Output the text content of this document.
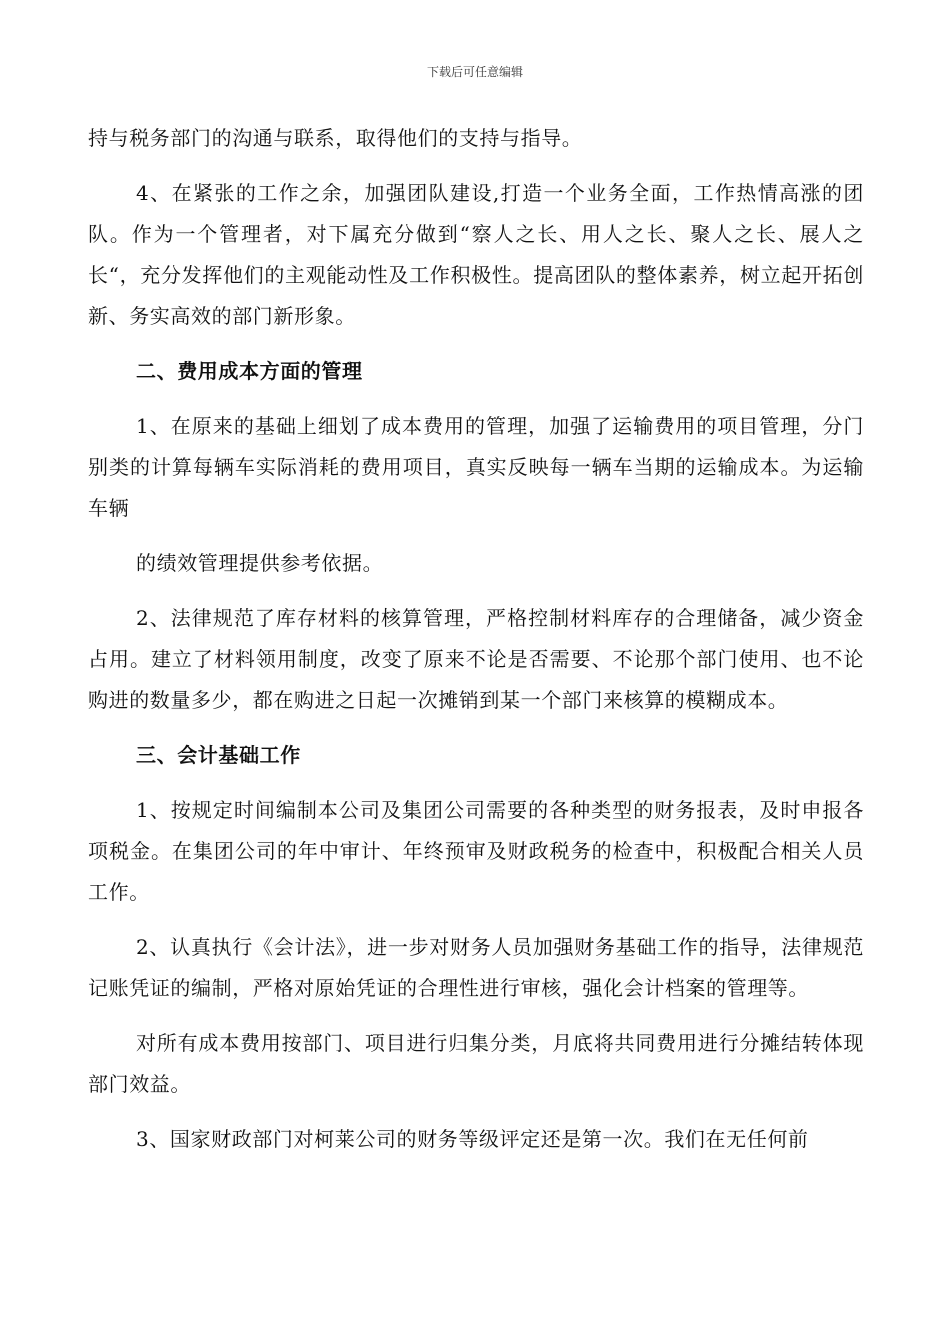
下载后可任意编辑

持与税务部门的沟通与联系，取得他们的支持与指导。

4、在紧张的工作之余，加强团队建设,打造一个业务全面，工作热情高涨的团队。作为一个管理者，对下属充分做到“察人之长、用人之长、聚人之长、展人之长“，充分发挥他们的主观能动性及工作积极性。提高团队的整体素养，树立起开拓创新、务实高效的部门新形象。

二、费用成本方面的管理

1、在原来的基础上细划了成本费用的管理，加强了运输费用的项目管理，分门别类的计算每辆车实际消耗的费用项目，真实反映每一辆车当期的运输成本。为运输车辆

的绩效管理提供参考依据。

2、法律规范了库存材料的核算管理，严格控制材料库存的合理储备，减少资金占用。建立了材料领用制度，改变了原来不论是否需要、不论那个部门使用、也不论购进的数量多少，都在购进之日起一次摊销到某一个部门来核算的模糊成本。

三、会计基础工作

1、按规定时间编制本公司及集团公司需要的各种类型的财务报表，及时申报各项税金。在集团公司的年中审计、年终预审及财政税务的检查中，积极配合相关人员工作。

2、认真执行《会计法》，进一步对财务人员加强财务基础工作的指导，法律规范记账凭证的编制，严格对原始凭证的合理性进行审核，强化会计档案的管理等。

对所有成本费用按部门、项目进行归集分类，月底将共同费用进行分摊结转体现部门效益。

3、国家财政部门对柯莱公司的财务等级评定还是第一次。我们在无任何前
